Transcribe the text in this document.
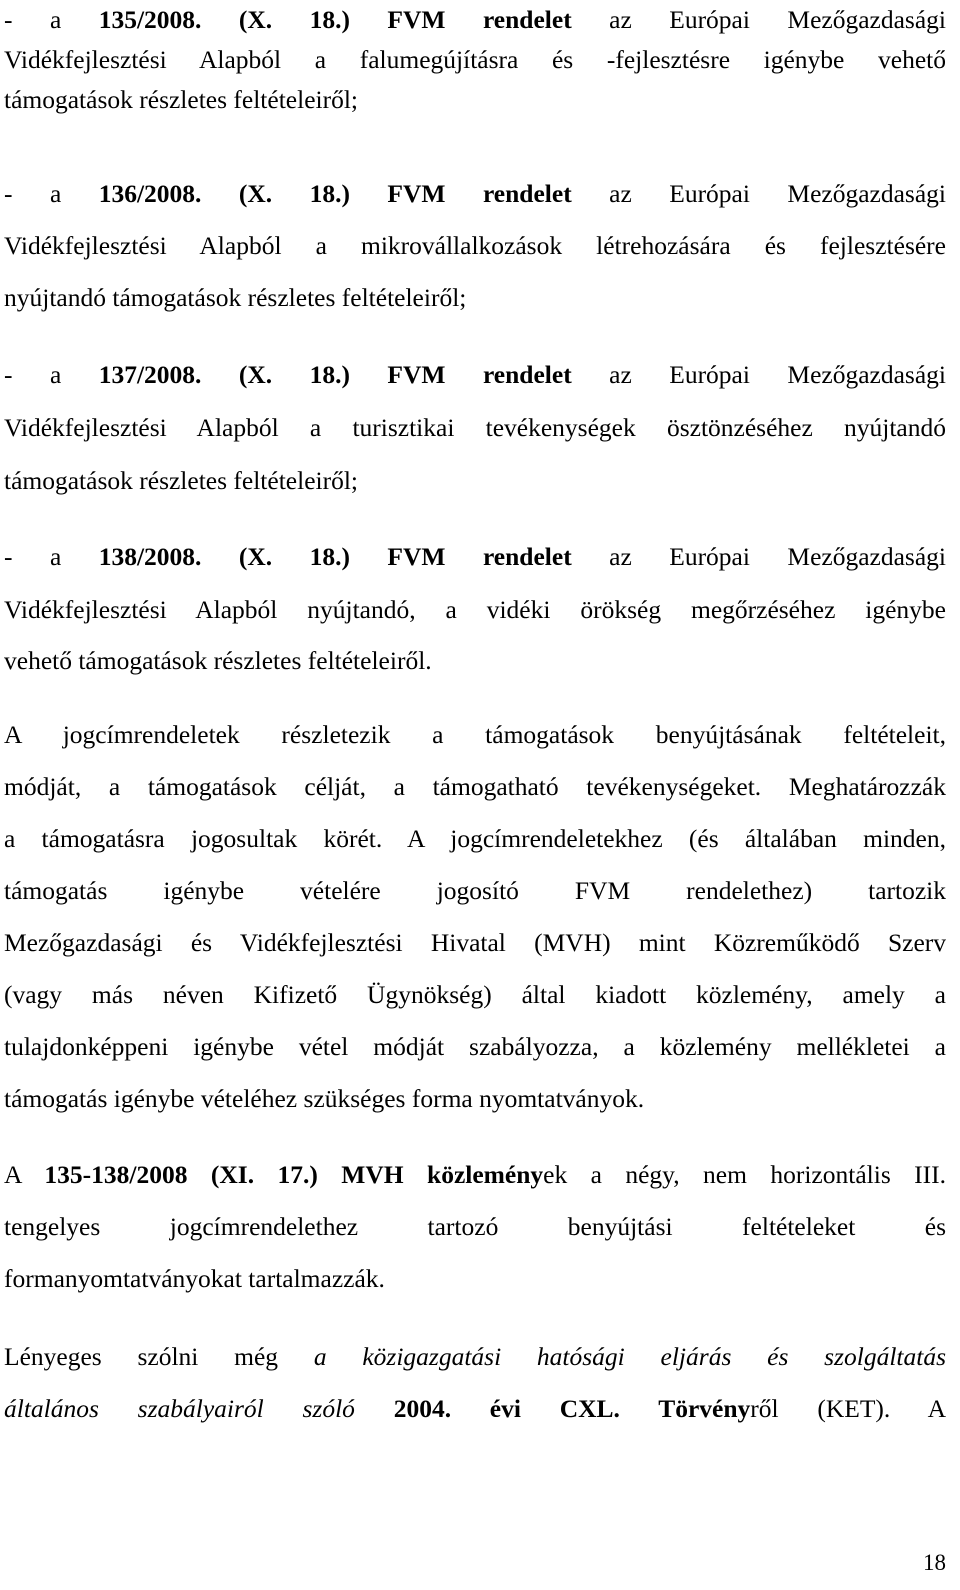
- a 135/2008. (X. 18.) FVM rendelet az Európai Mezőgazdasági
Vidékfejlesztési Alapból a falumegújításra és -fejlesztésre igénybe vehető
támogatások részletes feltételeiről;
- a 136/2008. (X. 18.) FVM rendelet az Európai Mezőgazdasági
Vidékfejlesztési Alapból a mikrovállalkozások létrehozására és fejlesztésére
nyújtandó támogatások részletes feltételeiről;
- a 137/2008. (X. 18.) FVM rendelet az Európai Mezőgazdasági
Vidékfejlesztési Alapból a turisztikai tevékenységek ösztönzéséhez nyújtandó
támogatások részletes feltételeiről;
- a 138/2008. (X. 18.) FVM rendelet az Európai Mezőgazdasági
Vidékfejlesztési Alapból nyújtandó, a vidéki örökség megőrzéséhez igénybe
vehető támogatások részletes feltételeiről.
A jogcímrendeletek részletezik a támogatások benyújtásának feltételeit,
módját, a támogatások célját, a támogatható tevékenységeket. Meghatározzák
a támogatásra jogosultak körét. A jogcímrendeletekhez (és általában minden,
támogatás igénybe vételére jogosító FVM rendelethez) tartozik
Mezőgazdasági és Vidékfejlesztési Hivatal (MVH) mint Közreműködő Szerv
(vagy más néven Kifizető Ügynökség) által kiadott közlemény, amely a
tulajdonképpeni igénybe vétel módját szabályozza, a közlemény mellékletei a
támogatás igénybe vételéhez szükséges forma nyomtatványok.
A 135-138/2008 (XI. 17.) MVH közlemények a négy, nem horizontális III.
tengelyes jogcímrendelethez tartozó benyújtási feltételeket és
formanyomtatványokat tartalmazzák.
Lényeges szólni még a közigazgatási hatósági eljárás és szolgáltatás
általános szabályairól szóló 2004. évi CXL. Törvényről (KET). A
18
